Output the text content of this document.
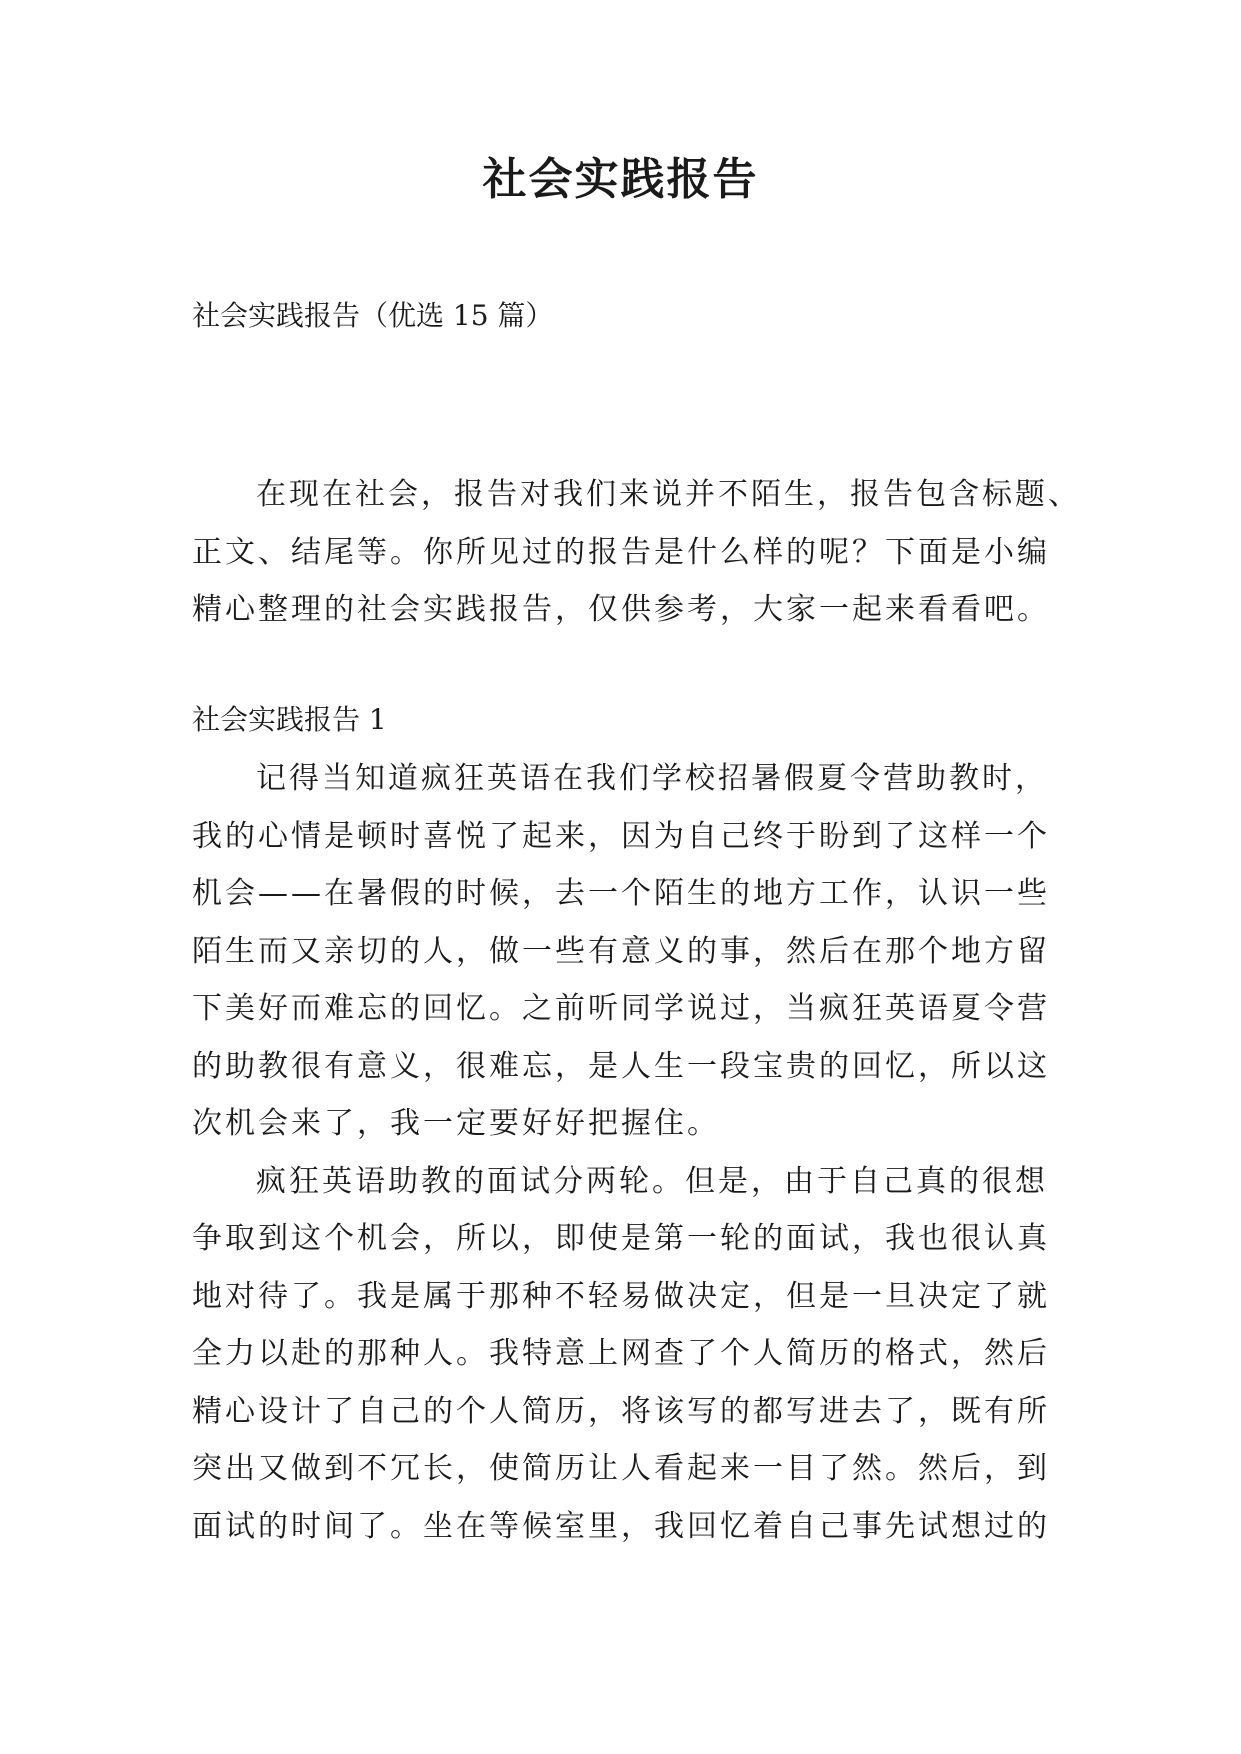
社会实践报告

社会实践报告（优选 15 篇）

在现在社会，报告对我们来说并不陌生，报告包含标题、
正文、结尾等。你所见过的报告是什么样的呢？下面是小编
精心整理的社会实践报告，仅供参考，大家一起来看看吧。

社会实践报告 1

记得当知道疯狂英语在我们学校招暑假夏令营助教时，
我的心情是顿时喜悦了起来，因为自己终于盼到了这样一个
机会——在暑假的时候，去一个陌生的地方工作，认识一些
陌生而又亲切的人，做一些有意义的事，然后在那个地方留
下美好而难忘的回忆。之前听同学说过，当疯狂英语夏令营
的助教很有意义，很难忘，是人生一段宝贵的回忆，所以这
次机会来了，我一定要好好把握住。
疯狂英语助教的面试分两轮。但是，由于自己真的很想
争取到这个机会，所以，即使是第一轮的面试，我也很认真
地对待了。我是属于那种不轻易做决定，但是一旦决定了就
全力以赴的那种人。我特意上网查了个人简历的格式，然后
精心设计了自己的个人简历，将该写的都写进去了，既有所
突出又做到不冗长，使简历让人看起来一目了然。然后，到
面试的时间了。坐在等候室里，我回忆着自己事先试想过的
